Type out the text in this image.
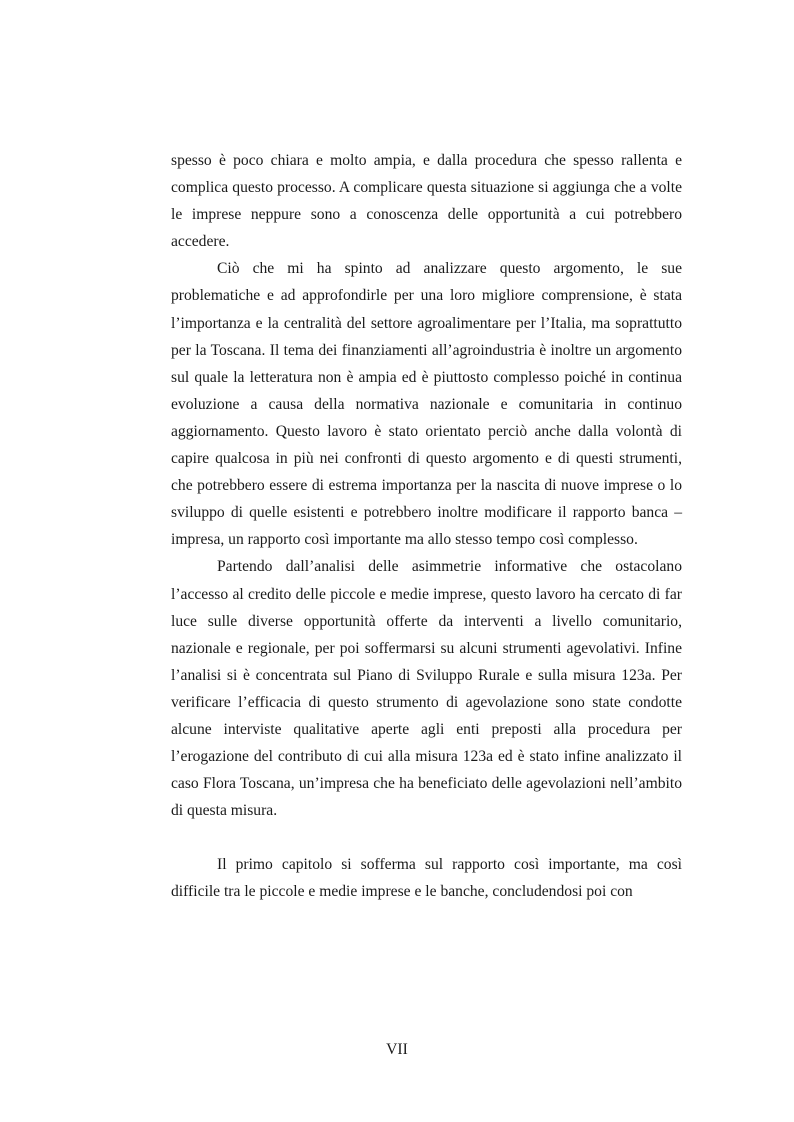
spesso è poco chiara e molto ampia, e dalla procedura che spesso rallenta e complica questo processo. A complicare questa situazione si aggiunga che a volte le imprese neppure sono a conoscenza delle opportunità a cui potrebbero accedere.

Ciò che mi ha spinto ad analizzare questo argomento, le sue problematiche e ad approfondirle per una loro migliore comprensione, è stata l’importanza e la centralità del settore agroalimentare per l’Italia, ma soprattutto per la Toscana. Il tema dei finanziamenti all’agroindustria è inoltre un argomento sul quale la letteratura non è ampia ed è piuttosto complesso poiché in continua evoluzione a causa della normativa nazionale e comunitaria in continuo aggiornamento. Questo lavoro è stato orientato perciò anche dalla volontà di capire qualcosa in più nei confronti di questo argomento e di questi strumenti, che potrebbero essere di estrema importanza per la nascita di nuove imprese o lo sviluppo di quelle esistenti e potrebbero inoltre modificare il rapporto banca – impresa, un rapporto così importante ma allo stesso tempo così complesso.

Partendo dall’analisi delle asimmetrie informative che ostacolano l’accesso al credito delle piccole e medie imprese, questo lavoro ha cercato di far luce sulle diverse opportunità offerte da interventi a livello comunitario, nazionale e regionale, per poi soffermarsi su alcuni strumenti agevolativi. Infine l’analisi si è concentrata sul Piano di Sviluppo Rurale e sulla misura 123a. Per verificare l’efficacia di questo strumento di agevolazione sono state condotte alcune interviste qualitative aperte agli enti preposti alla procedura per l’erogazione del contributo di cui alla misura 123a ed è stato infine analizzato il caso Flora Toscana, un’impresa che ha beneficiato delle agevolazioni nell’ambito di questa misura.

Il primo capitolo si sofferma sul rapporto così importante, ma così difficile tra le piccole e medie imprese e le banche, concludendosi poi con

VII
